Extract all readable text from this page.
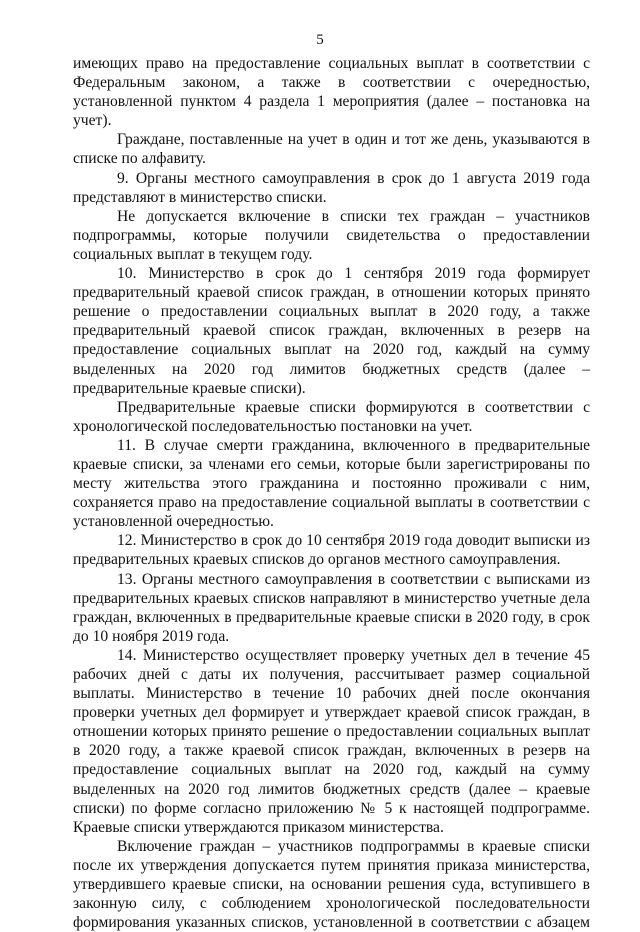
5

имеющих право на предоставление социальных выплат в соответствии с Федеральным законом, а также в соответствии с очередностью, установленной пунктом 4 раздела 1 мероприятия (далее – постановка на учет).

Граждане, поставленные на учет в один и тот же день, указываются в списке по алфавиту.

9. Органы местного самоуправления в срок до 1 августа 2019 года представляют в министерство списки.

Не допускается включение в списки тех граждан – участников подпрограммы, которые получили свидетельства о предоставлении социальных выплат в текущем году.

10. Министерство в срок до 1 сентября 2019 года формирует предварительный краевой список граждан, в отношении которых принято решение о предоставлении социальных выплат в 2020 году, а также предварительный краевой список граждан, включенных в резерв на предоставление социальных выплат на 2020 год, каждый на сумму выделенных на 2020 год лимитов бюджетных средств (далее – предварительные краевые списки).

Предварительные краевые списки формируются в соответствии с хронологической последовательностью постановки на учет.

11. В случае смерти гражданина, включенного в предварительные краевые списки, за членами его семьи, которые были зарегистрированы по месту жительства этого гражданина и постоянно проживали с ним, сохраняется право на предоставление социальной выплаты в соответствии с установленной очередностью.

12. Министерство в срок до 10 сентября 2019 года доводит выписки из предварительных краевых списков до органов местного самоуправления.

13. Органы местного самоуправления в соответствии с выписками из предварительных краевых списков направляют в министерство учетные дела граждан, включенных в предварительные краевые списки в 2020 году, в срок до 10 ноября 2019 года.

14. Министерство осуществляет проверку учетных дел в течение 45 рабочих дней с даты их получения, рассчитывает размер социальной выплаты. Министерство в течение 10 рабочих дней после окончания проверки учетных дел формирует и утверждает краевой список граждан, в отношении которых принято решение о предоставлении социальных выплат в 2020 году, а также краевой список граждан, включенных в резерв на предоставление социальных выплат на 2020 год, каждый на сумму выделенных на 2020 год лимитов бюджетных средств (далее – краевые списки) по форме согласно приложению № 5 к настоящей подпрограмме. Краевые списки утверждаются приказом министерства.

Включение граждан – участников подпрограммы в краевые списки после их утверждения допускается путем принятия приказа министерства, утвердившего краевые списки, на основании решения суда, вступившего в законную силу, с соблюдением хронологической последовательности формирования указанных списков, установленной в соответствии с абзацем
